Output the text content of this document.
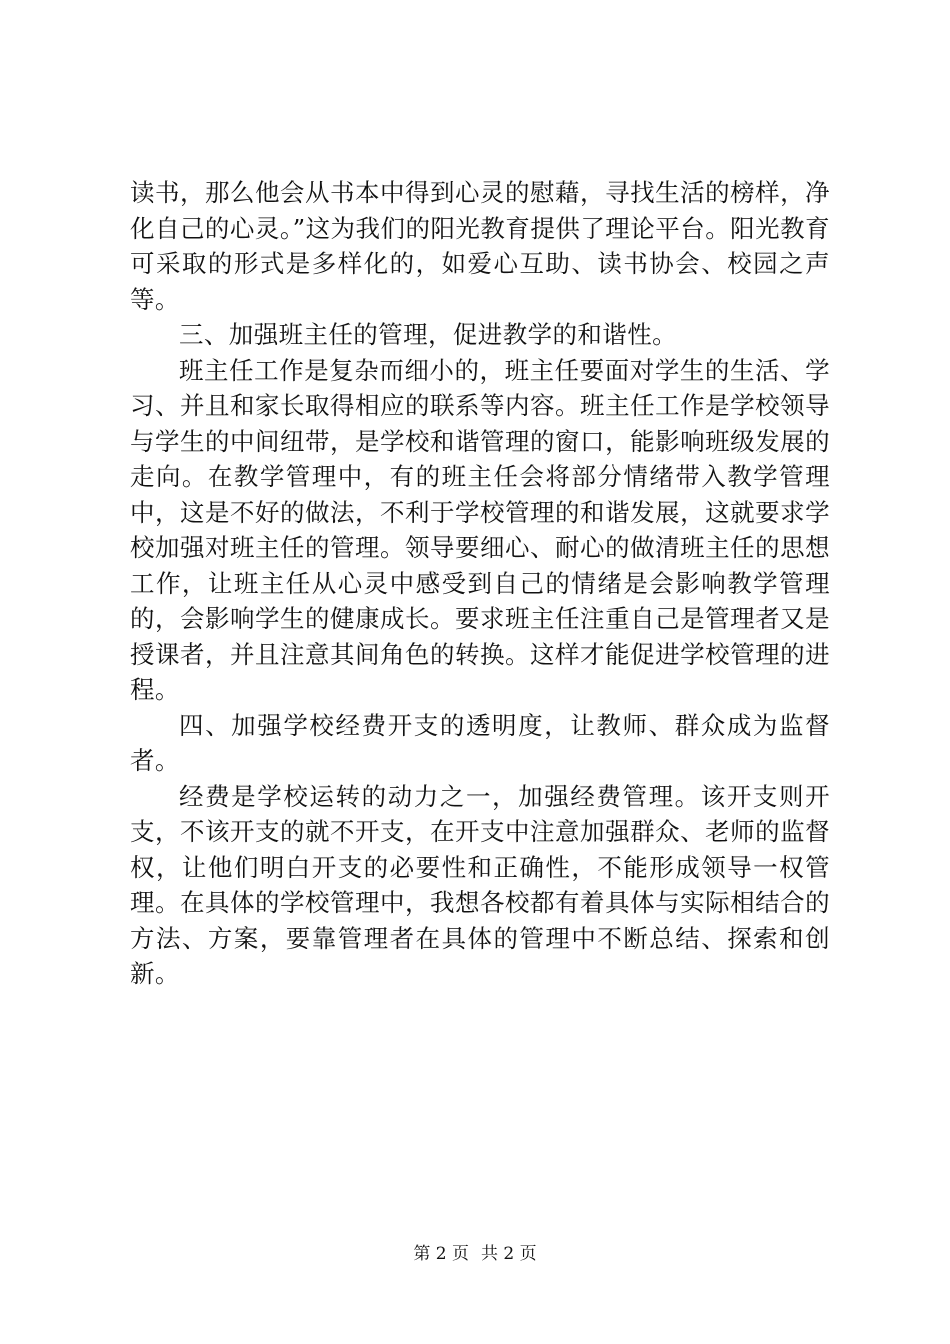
读书，那么他会从书本中得到心灵的慰藉，寻找生活的榜样，净化自己的心灵。”这为我们的阳光教育提供了理论平台。阳光教育可采取的形式是多样化的，如爱心互助、读书协会、校园之声等。

三、加强班主任的管理，促进教学的和谐性。

班主任工作是复杂而细小的，班主任要面对学生的生活、学习、并且和家长取得相应的联系等内容。班主任工作是学校领导与学生的中间纽带，是学校和谐管理的窗口，能影响班级发展的走向。在教学管理中，有的班主任会将部分情绪带入教学管理中，这是不好的做法，不利于学校管理的和谐发展，这就要求学校加强对班主任的管理。领导要细心、耐心的做清班主任的思想工作，让班主任从心灵中感受到自己的情绪是会影响教学管理的，会影响学生的健康成长。要求班主任注重自己是管理者又是授课者，并且注意其间角色的转换。这样才能促进学校管理的进程。

四、加强学校经费开支的透明度，让教师、群众成为监督者。

经费是学校运转的动力之一，加强经费管理。该开支则开支，不该开支的就不开支，在开支中注意加强群众、老师的监督权，让他们明白开支的必要性和正确性，不能形成领导一权管理。在具体的学校管理中，我想各校都有着具体与实际相结合的方法、方案，要靠管理者在具体的管理中不断总结、探索和创新。

第 2 页 共 2 页
